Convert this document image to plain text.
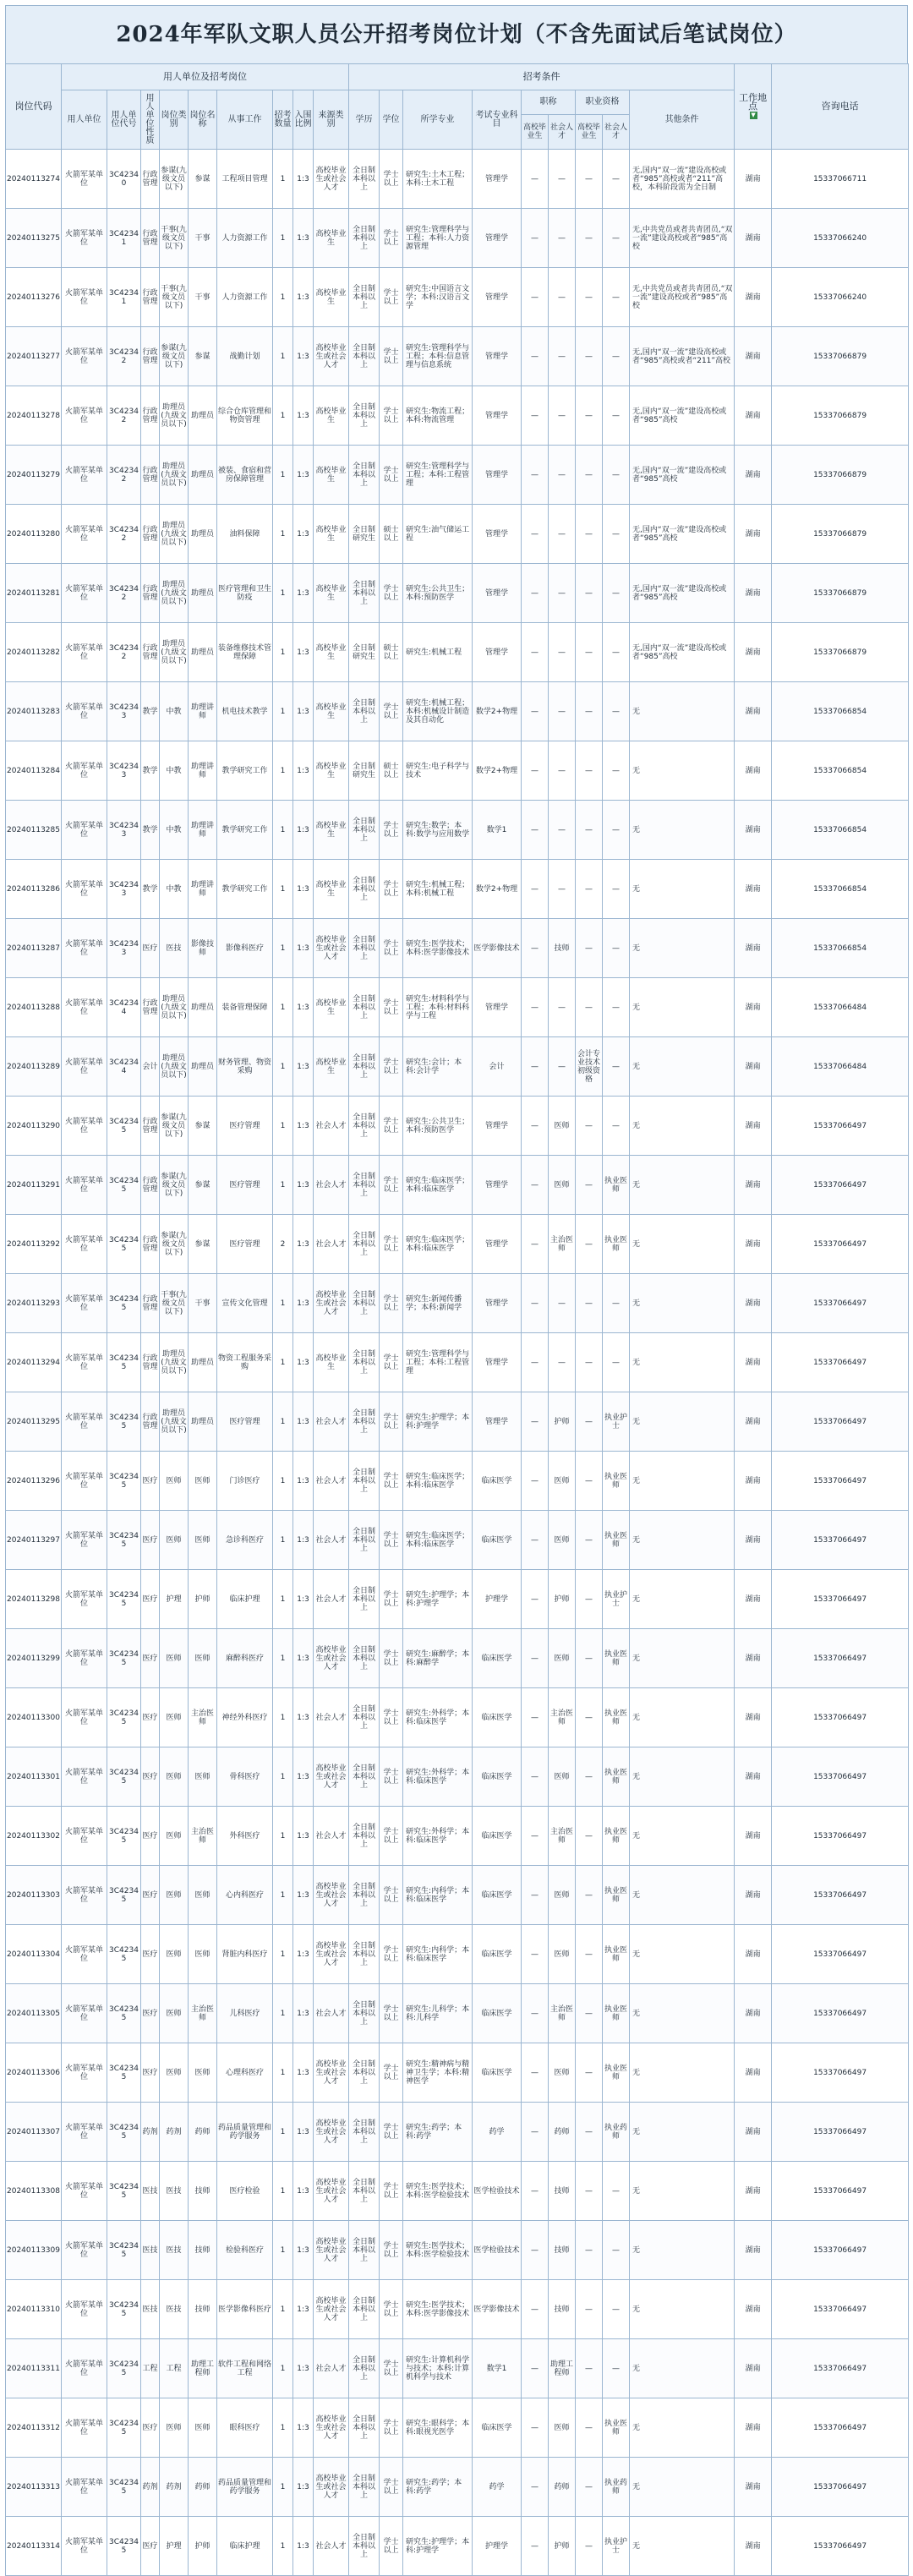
2024年军队文职人员公开招考岗位计划（不含先面试后笔试岗位）
岗位代码	用人单位及招考岗位									招考条件									工作地点
▼	咨询电话
	用人单位	用人单位代号	用人单位性质	岗位类别	岗位名称	从事工作	招考数量	入围比例	来源类别	学历	学位	所学专业	考试专业科目	职称		职业资格		其他条件		
														高校毕业生	社会人才	高校毕业生	社会人才			
20240113274	火箭军某单位	3C42340	行政管理	参谋(九级文员以下)	参谋	工程项目管理	1	1:3	高校毕业生或社会人才	全日制本科以上	学士以上	研究生:土木工程；本科:土木工程	管理学	—	—	—	—	无,国内“双一流”建设高校或者“985”高校或者“211”高校，本科阶段需为全日制	湖南	15337066711
20240113275	火箭军某单位	3C42341	行政管理	干事(九级文员以下)	干事	人力资源工作	1	1:3	高校毕业生	全日制本科以上	学士以上	研究生:管理科学与工程；本科:人力资源管理	管理学	—	—	—	—	无,中共党员或者共青团员,“双一流”建设高校或者“985”高校	湖南	15337066240
20240113276	火箭军某单位	3C42341	行政管理	干事(九级文员以下)	干事	人力资源工作	1	1:3	高校毕业生	全日制本科以上	学士以上	研究生:中国语言文学；本科:汉语言文学	管理学	—	—	—	—	无,中共党员或者共青团员,“双一流”建设高校或者“985”高校	湖南	15337066240
20240113277	火箭军某单位	3C42342	行政管理	参谋(九级文员以下)	参谋	战勤计划	1	1:3	高校毕业生或社会人才	全日制本科以上	学士以上	研究生:管理科学与工程；本科:信息管理与信息系统	管理学	—	—	—	—	无,国内“双一流”建设高校或者“985”高校或者“211”高校	湖南	15337066879
20240113278	火箭军某单位	3C42342	行政管理	助理员(九级文员以下)	助理员	综合仓库管理和物资管理	1	1:3	高校毕业生	全日制本科以上	学士以上	研究生:物流工程；本科:物流管理	管理学	—	—	—	—	无,国内“双一流”建设高校或者“985”高校	湖南	15337066879
20240113279	火箭军某单位	3C42342	行政管理	助理员(九级文员以下)	助理员	被装、食宿和营房保障管理	1	1:3	高校毕业生	全日制本科以上	学士以上	研究生:管理科学与工程；本科:工程管理	管理学	—	—	—	—	无,国内“双一流”建设高校或者“985”高校	湖南	15337066879
20240113280	火箭军某单位	3C42342	行政管理	助理员(九级文员以下)	助理员	油料保障	1	1:3	高校毕业生	全日制研究生	硕士以上	研究生:油气储运工程	管理学	—	—	—	—	无,国内“双一流”建设高校或者“985”高校	湖南	15337066879
20240113281	火箭军某单位	3C42342	行政管理	助理员(九级文员以下)	助理员	医疗管理和卫生防疫	1	1:3	高校毕业生	全日制本科以上	学士以上	研究生:公共卫生；本科:预防医学	管理学	—	—	—	—	无,国内“双一流”建设高校或者“985”高校	湖南	15337066879
20240113282	火箭军某单位	3C42342	行政管理	助理员(九级文员以下)	助理员	装备维修技术管理保障	1	1:3	高校毕业生	全日制研究生	硕士以上	研究生:机械工程	管理学	—	—	—	—	无,国内“双一流”建设高校或者“985”高校	湖南	15337066879
20240113283	火箭军某单位	3C42343	教学	中教	助理讲师	机电技术教学	1	1:3	高校毕业生	全日制本科以上	学士以上	研究生:机械工程；本科:机械设计制造及其自动化	数学2+物理	—	—	—	—	无	湖南	15337066854
20240113284	火箭军某单位	3C42343	教学	中教	助理讲师	教学研究工作	1	1:3	高校毕业生	全日制研究生	硕士以上	研究生:电子科学与技术	数学2+物理	—	—	—	—	无	湖南	15337066854
20240113285	火箭军某单位	3C42343	教学	中教	助理讲师	教学研究工作	1	1:3	高校毕业生	全日制本科以上	学士以上	研究生:数学；本科:数学与应用数学	数学1	—	—	—	—	无	湖南	15337066854
20240113286	火箭军某单位	3C42343	教学	中教	助理讲师	教学研究工作	1	1:3	高校毕业生	全日制本科以上	学士以上	研究生:机械工程；本科:机械工程	数学2+物理	—	—	—	—	无	湖南	15337066854
20240113287	火箭军某单位	3C42343	医疗	医技	影像技师	影像科医疗	1	1:3	高校毕业生或社会人才	全日制本科以上	学士以上	研究生:医学技术；本科:医学影像技术	医学影像技术	—	技师	—	—	无	湖南	15337066854
20240113288	火箭军某单位	3C42344	行政管理	助理员(九级文员以下)	助理员	装备管理保障	1	1:3	高校毕业生	全日制本科以上	学士以上	研究生:材料科学与工程；本科:材料科学与工程	管理学	—	—	—	—	无	湖南	15337066484
20240113289	火箭军某单位	3C42344	会计	助理员(九级文员以下)	助理员	财务管理、物资采购	1	1:3	高校毕业生	全日制本科以上	学士以上	研究生:会计；本科:会计学	会计	—	—	会计专业技术初级资格	—	无	湖南	15337066484
20240113290	火箭军某单位	3C42345	行政管理	参谋(九级文员以下)	参谋	医疗管理	1	1:3	社会人才	全日制本科以上	学士以上	研究生:公共卫生；本科:预防医学	管理学	—	医师	—	—	无	湖南	15337066497
20240113291	火箭军某单位	3C42345	行政管理	参谋(九级文员以下)	参谋	医疗管理	1	1:3	社会人才	全日制本科以上	学士以上	研究生:临床医学；本科:临床医学	管理学	—	医师	—	执业医师	无	湖南	15337066497
20240113292	火箭军某单位	3C42345	行政管理	参谋(九级文员以下)	参谋	医疗管理	2	1:3	社会人才	全日制本科以上	学士以上	研究生:临床医学；本科:临床医学	管理学	—	主治医师	—	执业医师	无	湖南	15337066497
20240113293	火箭军某单位	3C42345	行政管理	干事(九级文员以下)	干事	宣传文化管理	1	1:3	高校毕业生或社会人才	全日制本科以上	学士以上	研究生:新闻传播学；本科:新闻学	管理学	—	—	—	—	无	湖南	15337066497
20240113294	火箭军某单位	3C42345	行政管理	助理员(九级文员以下)	助理员	物资工程服务采购	1	1:3	高校毕业生	全日制本科以上	学士以上	研究生:管理科学与工程；本科:工程管理	管理学	—	—	—	—	无	湖南	15337066497
20240113295	火箭军某单位	3C42345	行政管理	助理员(九级文员以下)	助理员	医疗管理	1	1:3	社会人才	全日制本科以上	学士以上	研究生:护理学；本科:护理学	管理学	—	护师	—	执业护士	无	湖南	15337066497
20240113296	火箭军某单位	3C42345	医疗	医师	医师	门诊医疗	1	1:3	社会人才	全日制本科以上	学士以上	研究生:临床医学；本科:临床医学	临床医学	—	医师	—	执业医师	无	湖南	15337066497
20240113297	火箭军某单位	3C42345	医疗	医师	医师	急诊科医疗	1	1:3	社会人才	全日制本科以上	学士以上	研究生:临床医学；本科:临床医学	临床医学	—	医师	—	执业医师	无	湖南	15337066497
20240113298	火箭军某单位	3C42345	医疗	护理	护师	临床护理	1	1:3	社会人才	全日制本科以上	学士以上	研究生:护理学；本科:护理学	护理学	—	护师	—	执业护士	无	湖南	15337066497
20240113299	火箭军某单位	3C42345	医疗	医师	医师	麻醉科医疗	1	1:3	高校毕业生或社会人才	全日制本科以上	学士以上	研究生:麻醉学；本科:麻醉学	临床医学	—	医师	—	执业医师	无	湖南	15337066497
20240113300	火箭军某单位	3C42345	医疗	医师	主治医师	神经外科医疗	1	1:3	社会人才	全日制本科以上	学士以上	研究生:外科学；本科:临床医学	临床医学	—	主治医师	—	执业医师	无	湖南	15337066497
20240113301	火箭军某单位	3C42345	医疗	医师	医师	骨科医疗	1	1:3	高校毕业生或社会人才	全日制本科以上	学士以上	研究生:外科学；本科:临床医学	临床医学	—	医师	—	执业医师	无	湖南	15337066497
20240113302	火箭军某单位	3C42345	医疗	医师	主治医师	外科医疗	1	1:3	社会人才	全日制本科以上	学士以上	研究生:外科学；本科:临床医学	临床医学	—	主治医师	—	执业医师	无	湖南	15337066497
20240113303	火箭军某单位	3C42345	医疗	医师	医师	心内科医疗	1	1:3	高校毕业生或社会人才	全日制本科以上	学士以上	研究生:内科学；本科:临床医学	临床医学	—	医师	—	执业医师	无	湖南	15337066497
20240113304	火箭军某单位	3C42345	医疗	医师	医师	肾脏内科医疗	1	1:3	高校毕业生或社会人才	全日制本科以上	学士以上	研究生:内科学；本科:临床医学	临床医学	—	医师	—	执业医师	无	湖南	15337066497
20240113305	火箭军某单位	3C42345	医疗	医师	主治医师	儿科医疗	1	1:3	社会人才	全日制本科以上	学士以上	研究生:儿科学；本科:儿科学	临床医学	—	主治医师	—	执业医师	无	湖南	15337066497
20240113306	火箭军某单位	3C42345	医疗	医师	医师	心理科医疗	1	1:3	高校毕业生或社会人才	全日制本科以上	学士以上	研究生:精神病与精神卫生学；本科:精神医学	临床医学	—	医师	—	执业医师	无	湖南	15337066497
20240113307	火箭军某单位	3C42345	药剂	药剂	药师	药品质量管理和药学服务	1	1:3	高校毕业生或社会人才	全日制本科以上	学士以上	研究生:药学；本科:药学	药学	—	药师	—	执业药师	无	湖南	15337066497
20240113308	火箭军某单位	3C42345	医技	医技	技师	医疗检验	1	1:3	高校毕业生或社会人才	全日制本科以上	学士以上	研究生:医学技术；本科:医学检验技术	医学检验技术	—	技师	—	—	无	湖南	15337066497
20240113309	火箭军某单位	3C42345	医技	医技	技师	检验科医疗	1	1:3	高校毕业生或社会人才	全日制本科以上	学士以上	研究生:医学技术；本科:医学检验技术	医学检验技术	—	技师	—	—	无	湖南	15337066497
20240113310	火箭军某单位	3C42345	医技	医技	技师	医学影像科医疗	1	1:3	高校毕业生或社会人才	全日制本科以上	学士以上	研究生:医学技术；本科:医学影像技术	医学影像技术	—	技师	—	—	无	湖南	15337066497
20240113311	火箭军某单位	3C42345	工程	工程	助理工程师	软件工程和网络工程	1	1:3	社会人才	全日制本科以上	学士以上	研究生:计算机科学与技术；本科:计算机科学与技术	数学1	—	助理工程师	—	—	无	湖南	15337066497
20240113312	火箭军某单位	3C42345	医疗	医师	医师	眼科医疗	1	1:3	高校毕业生或社会人才	全日制本科以上	学士以上	研究生:眼科学；本科:眼视光医学	临床医学	—	医师	—	执业医师	无	湖南	15337066497
20240113313	火箭军某单位	3C42345	药剂	药剂	药师	药品质量管理和药学服务	1	1:3	高校毕业生或社会人才	全日制本科以上	学士以上	研究生:药学；本科:药学	药学	—	药师	—	执业药师	无	湖南	15337066497
20240113314	火箭军某单位	3C42345	医疗	护理	护师	临床护理	1	1:3	社会人才	全日制本科以上	学士以上	研究生:护理学；本科:护理学	护理学	—	护师	—	执业护士	无	湖南	15337066497
